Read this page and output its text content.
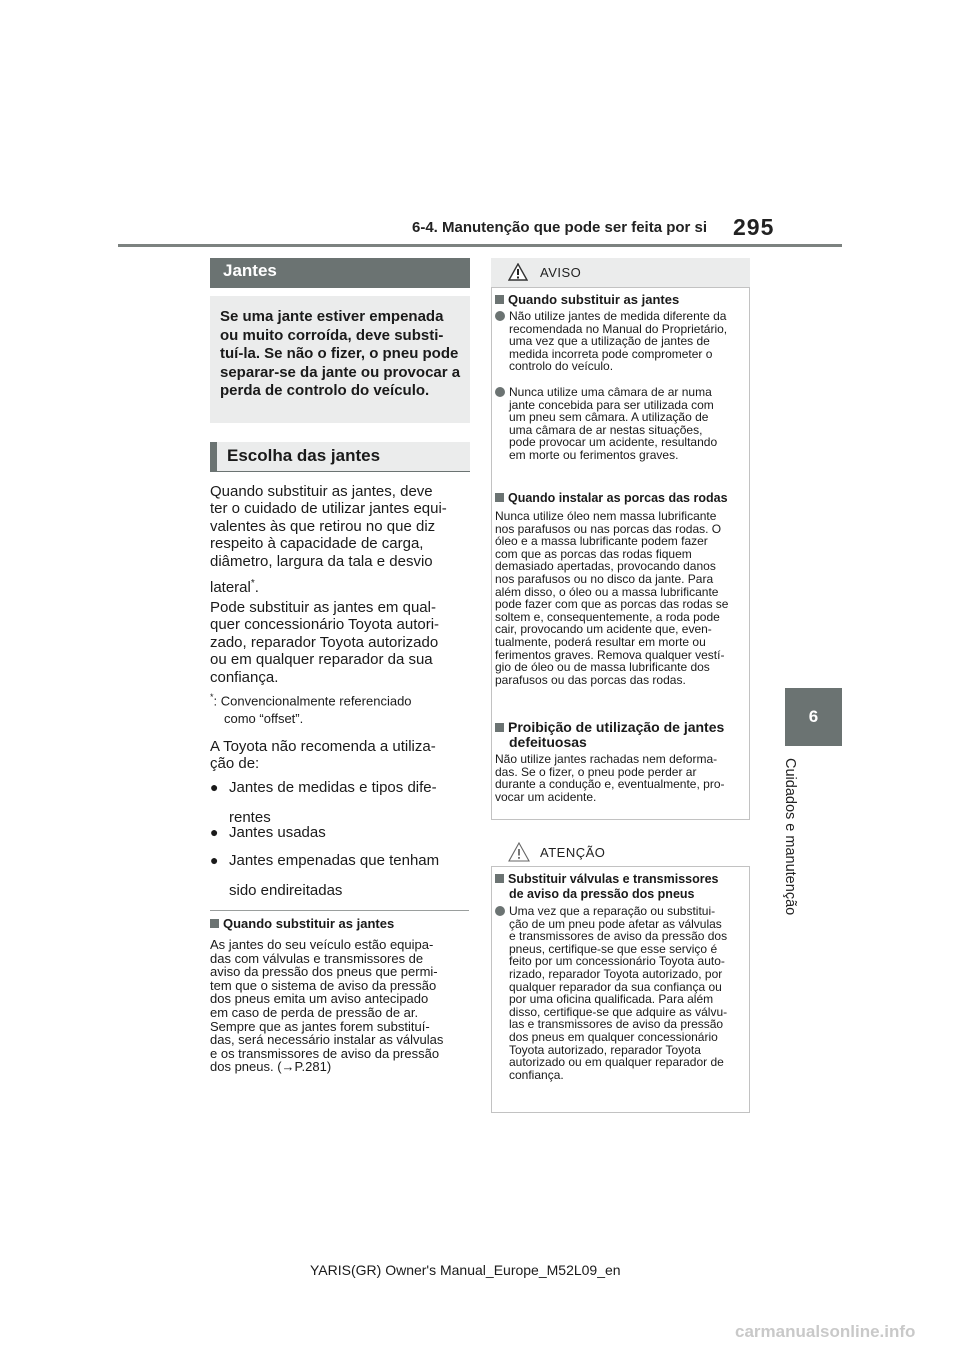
6-4. Manutenção que pode ser feita por si 295
6
Cuidados e manutenção
Jantes
Se uma jante estiver empenada ou muito corroída, deve substi-tuí-la. Se não o fizer, o pneu pode separar-se da jante ou provocar a perda de controlo do veículo.
Escolha das jantes
Quando substituir as jantes, deve
ter o cuidado de utilizar jantes equi-
valentes às que retirou no que diz
respeito à capacidade de carga,
diâmetro, largura da tala e desvio
lateral*.
Pode substituir as jantes em qual-
quer concessionário Toyota autori-
zado, reparador Toyota autorizado
ou em qualquer reparador da sua
confiança.
*: Convencionalmente referenciado
como “offset”.
A Toyota não recomenda a utiliza-
ção de:
● Jantes de medidas e tipos dife-
rentes
● Jantes usadas
● Jantes empenadas que tenham
sido endireitadas
Quando substituir as jantes
As jantes do seu veículo estão equipa-
das com válvulas e transmissores de
aviso da pressão dos pneus que permi-
tem que o sistema de aviso da pressão
dos pneus emita um aviso antecipado
em caso de perda de pressão de ar.
Sempre que as jantes forem substituí-
das, será necessário instalar as válvulas
e os transmissores de aviso da pressão
dos pneus. (→P.281)
AVISO
Quando substituir as jantes
Não utilize jantes de medida diferente da
recomendada no Manual do Proprietário,
uma vez que a utilização de jantes de
medida incorreta pode comprometer o
controlo do veículo.
Nunca utilize uma câmara de ar numa
jante concebida para ser utilizada com
um pneu sem câmara. A utilização de
uma câmara de ar nestas situações,
pode provocar um acidente, resultando
em morte ou ferimentos graves.
Quando instalar as porcas das rodas
Nunca utilize óleo nem massa lubrificante
nos parafusos ou nas porcas das rodas. O
óleo e a massa lubrificante podem fazer
com que as porcas das rodas fiquem
demasiado apertadas, provocando danos
nos parafusos ou no disco da jante. Para
além disso, o óleo ou a massa lubrificante
pode fazer com que as porcas das rodas se
soltem e, consequentemente, a roda pode
cair, provocando um acidente que, even-
tualmente, poderá resultar em morte ou
ferimentos graves. Remova qualquer vestí-
gio de óleo ou de massa lubrificante dos
parafusos ou das porcas das rodas.
Proibição de utilização de jantes
defeituosas
Não utilize jantes rachadas nem deforma-
das. Se o fizer, o pneu pode perder ar
durante a condução e, eventualmente, pro-
vocar um acidente.
ATENÇÃO
Substituir válvulas e transmissores
de aviso da pressão dos pneus
Uma vez que a reparação ou substitui-
ção de um pneu pode afetar as válvulas
e transmissores de aviso da pressão dos
pneus, certifique-se que esse serviço é
feito por um concessionário Toyota auto-
rizado, reparador Toyota autorizado, por
qualquer reparador da sua confiança ou
por uma oficina qualificada. Para além
disso, certifique-se que adquire as válvu-
las e transmissores de aviso da pressão
dos pneus em qualquer concessionário
Toyota autorizado, reparador Toyota
autorizado ou em qualquer reparador de
confiança.
YARIS(GR) Owner's Manual_Europe_M52L09_en
carmanualsonline.info
